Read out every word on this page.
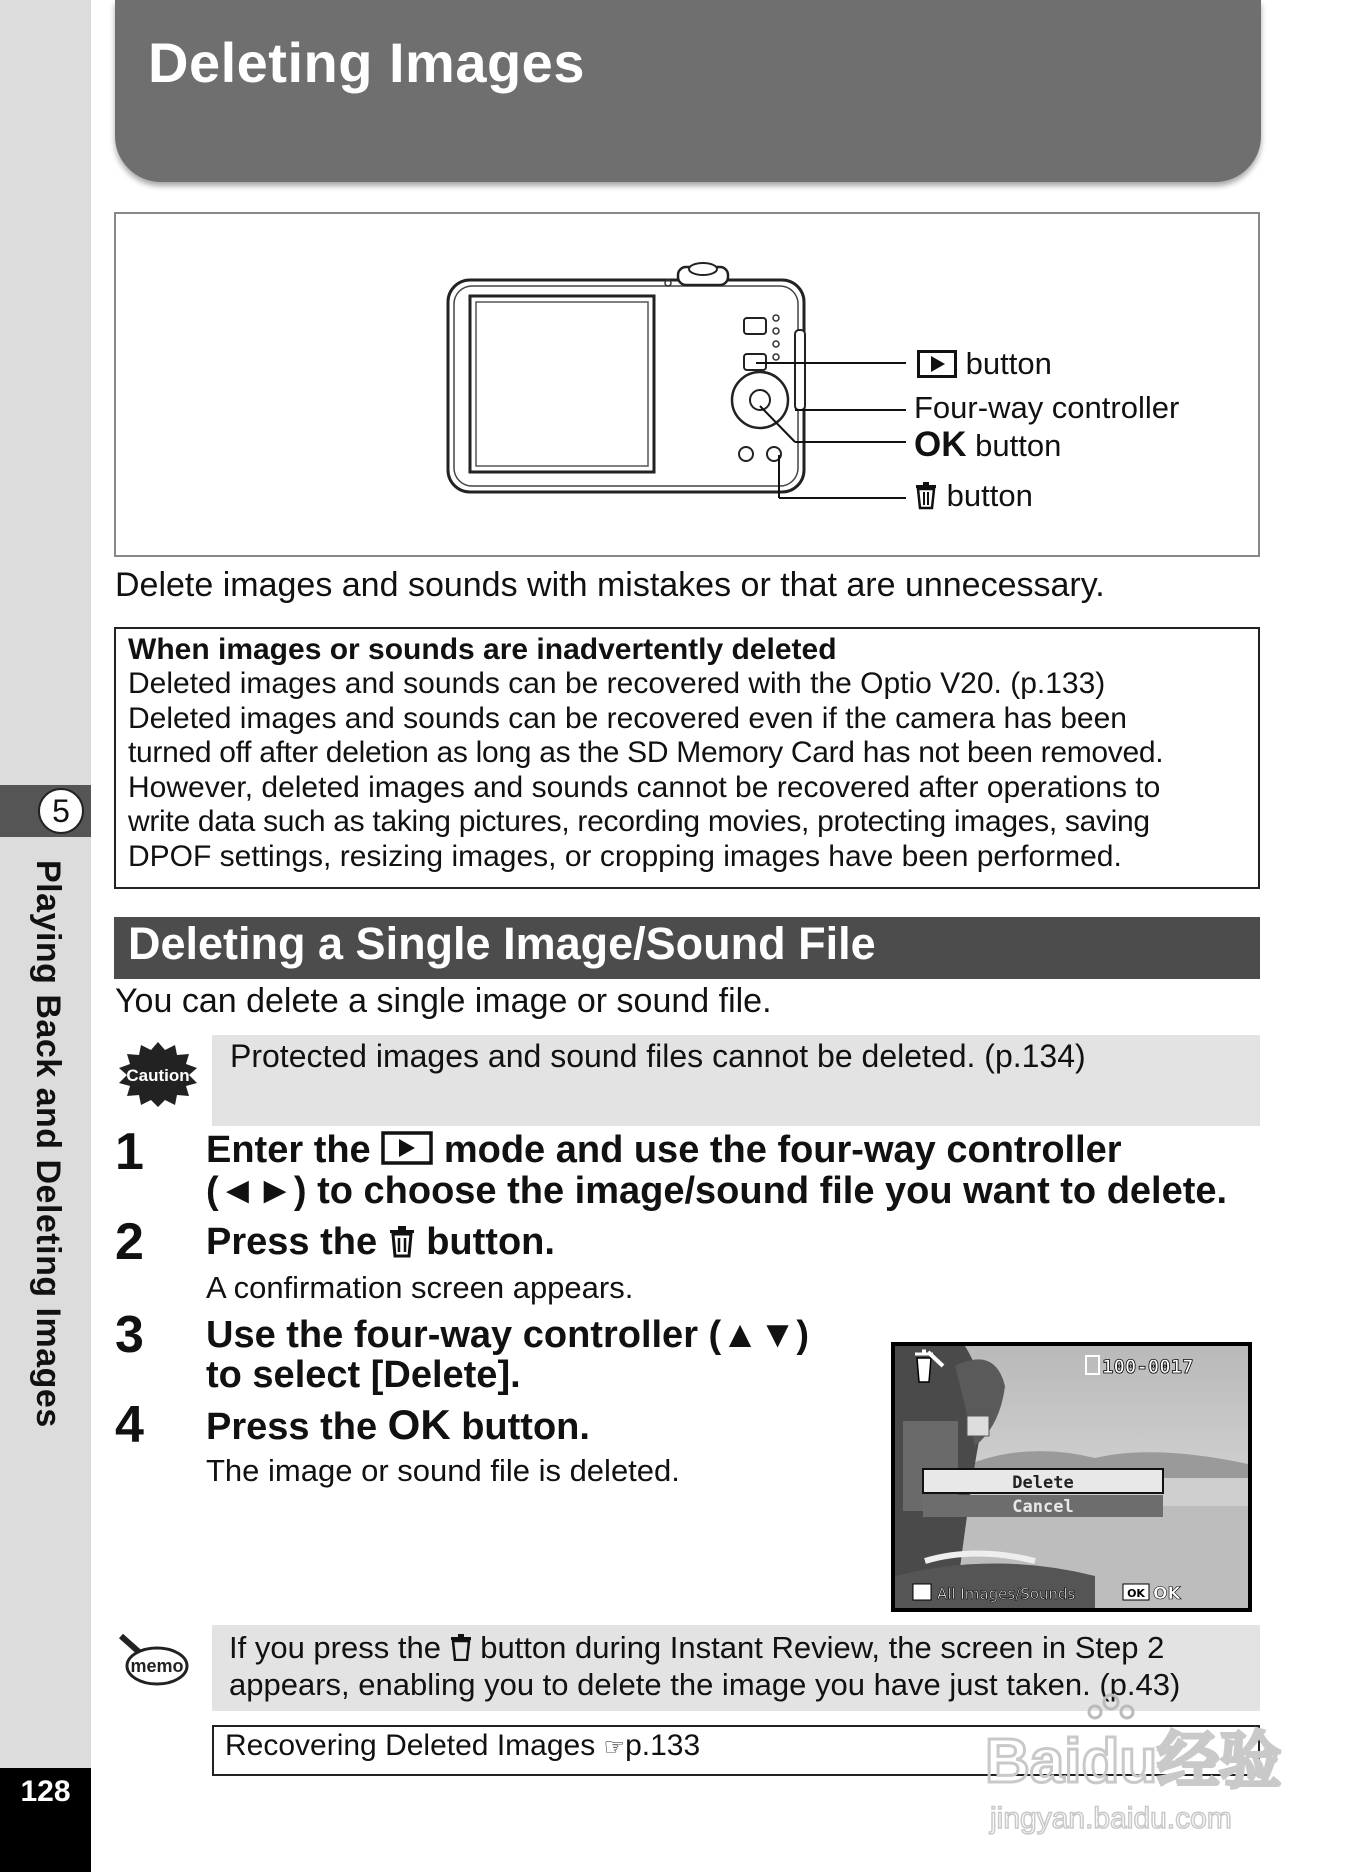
5
Playing Back and Deleting Images
128
Deleting Images
button
Four-way controller
OK button
button
Delete images and sounds with mistakes or that are unnecessary.
When images or sounds are inadvertently deleted
Deleted images and sounds can be recovered with the Optio V20. (p.133)
Deleted images and sounds can be recovered even if the camera has been
turned off after deletion as long as the SD Memory Card has not been removed.
However, deleted images and sounds cannot be recovered after operations to
write data such as taking pictures, recording movies, protecting images, saving
DPOF settings, resizing images, or cropping images have been performed.
Deleting a Single Image/Sound File
You can delete a single image or sound file.
Caution
Protected images and sound files cannot be deleted. (p.134)
1 Enter the mode and use the four-way controller
(◄►) to choose the image/sound file you want to delete.
2 Press the button.
A confirmation screen appears.
3 Use the four-way controller (▲▼)
to select [Delete].
4 Press the OK button.
The image or sound file is deleted.	Delete
Cancel
100-0017
All Images/Sounds	OK OK
memo
If you press the button during Instant Review, the screen in Step 2
appears, enabling you to delete the image you have just taken. (p.43)
Recovering Deleted Images ☞p.133	Baidu经验
jingyan.baidu.com
